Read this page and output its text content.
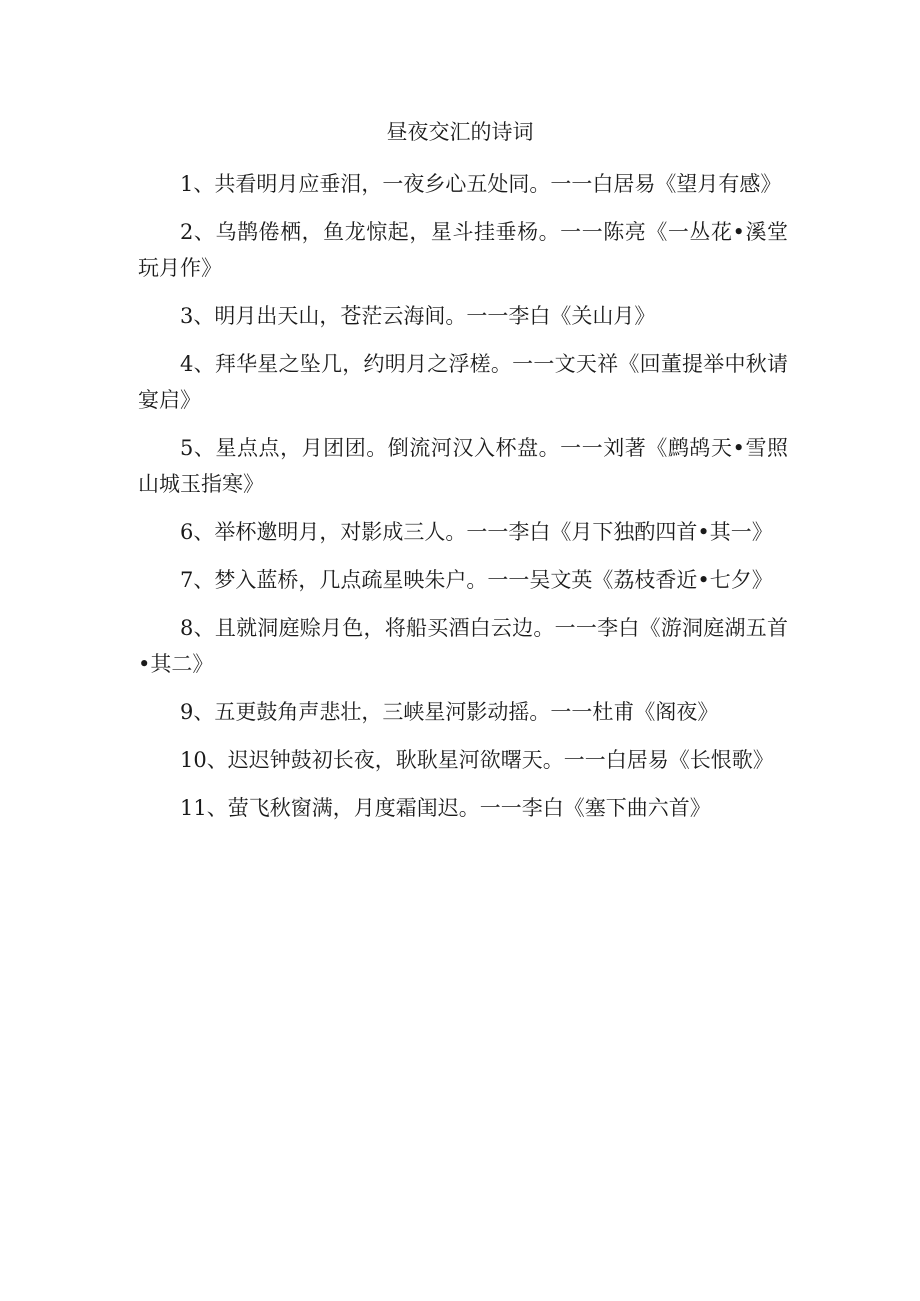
昼夜交汇的诗词

1、共看明月应垂泪，一夜乡心五处同。一一白居易《望月有感》

2、乌鹊倦栖，鱼龙惊起，星斗挂垂杨。一一陈亮《一丛花•溪堂玩月作》

3、明月出天山，苍茫云海间。一一李白《关山月》

4、拜华星之坠几，约明月之浮槎。一一文天祥《回董提举中秋请宴启》

5、星点点，月团团。倒流河汉入杯盘。一一刘著《鹧鸪天•雪照山城玉指寒》

6、举杯邀明月，对影成三人。一一李白《月下独酌四首•其一》

7、梦入蓝桥，几点疏星映朱户。一一吴文英《荔枝香近•七夕》

8、且就洞庭赊月色，将船买酒白云边。一一李白《游洞庭湖五首•其二》

9、五更鼓角声悲壮，三峡星河影动摇。一一杜甫《阁夜》

10、迟迟钟鼓初长夜，耿耿星河欲曙天。一一白居易《长恨歌》

11、萤飞秋窗满，月度霜闺迟。一一李白《塞下曲六首》
